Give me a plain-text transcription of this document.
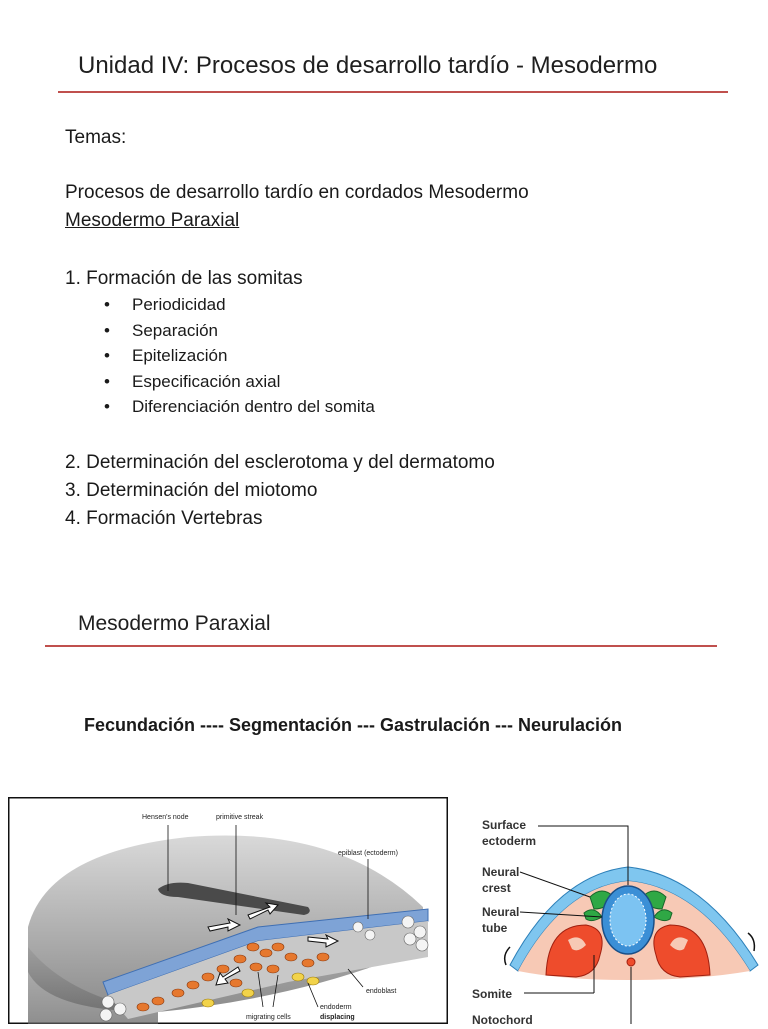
Unidad IV: Procesos de desarrollo tardío - Mesodermo
Temas:
Procesos de desarrollo tardío en cordados Mesodermo
Mesodermo Paraxial
1. Formación de las somitas
• Periodicidad
• Separación
• Epitelización
• Especificación axial
• Diferenciación dentro del somita
2. Determinación del esclerotoma y del dermatomo
3. Determinación del miotomo
4. Formación Vertebras
Mesodermo Paraxial
Fecundación ---- Segmentación --- Gastrulación --- Neurulación
Hensen's node	primitive streak
epiblast (ectoderm)
endoblast
migrating cells
endoderm
displacing
Surface
ectoderm
Neural
crest
Neural
tube
Somite
Notochord
